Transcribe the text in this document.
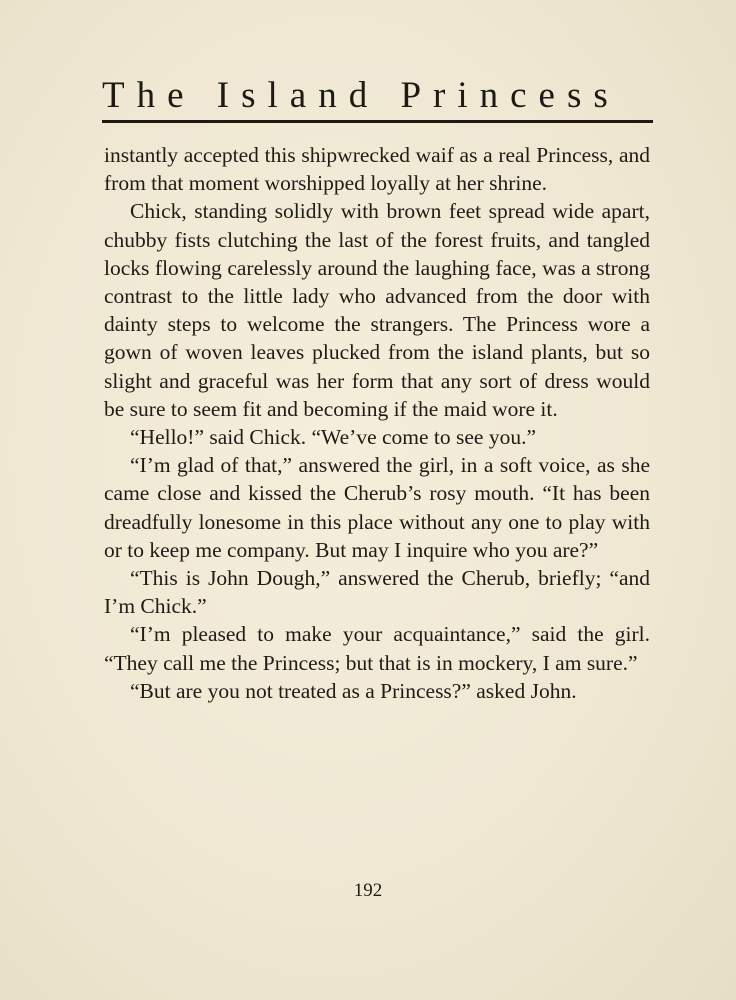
The Island Princess

instantly accepted this shipwrecked waif as a real Princess, and from that moment worshipped loyally at her shrine.

Chick, standing solidly with brown feet spread wide apart, chubby fists clutching the last of the forest fruits, and tangled locks flowing carelessly around the laughing face, was a strong contrast to the little lady who advanced from the door with dainty steps to welcome the strangers. The Princess wore a gown of woven leaves plucked from the island plants, but so slight and graceful was her form that any sort of dress would be sure to seem fit and becoming if the maid wore it.

“Hello!” said Chick. “We’ve come to see you.”

“I’m glad of that,” answered the girl, in a soft voice, as she came close and kissed the Cherub’s rosy mouth. “It has been dreadfully lonesome in this place without any one to play with or to keep me company. But may I inquire who you are?”

“This is John Dough,” answered the Cherub, briefly; “and I’m Chick.”

“I’m pleased to make your acquaintance,” said the girl. “They call me the Princess; but that is in mockery, I am sure.”

“But are you not treated as a Princess?” asked John.

192
